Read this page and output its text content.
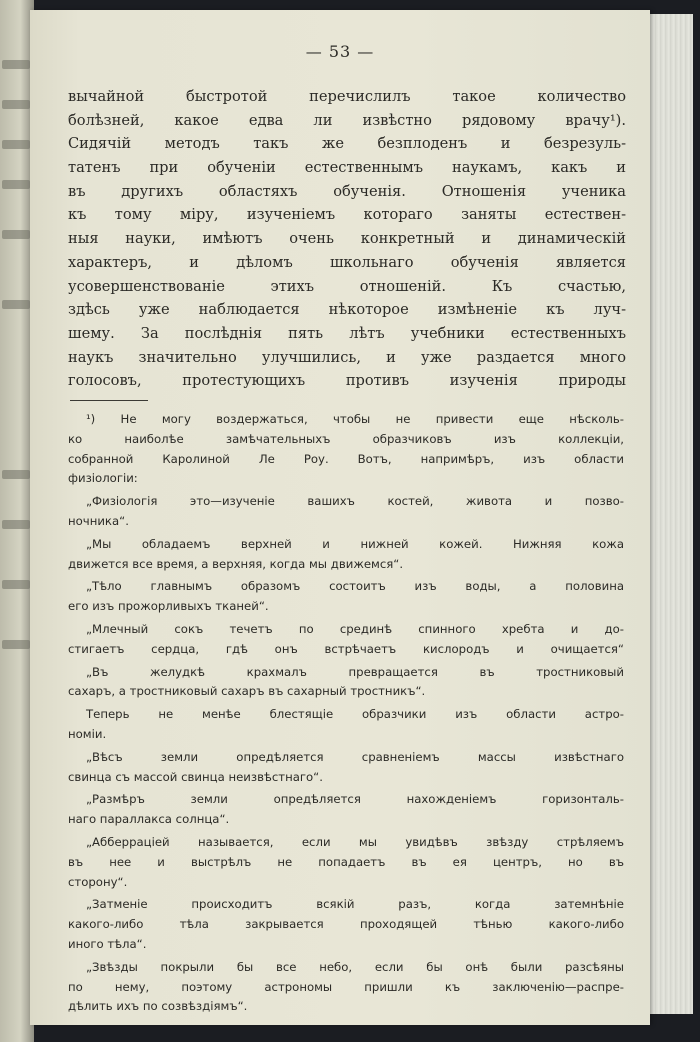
— 53 —
вычайной быстротой перечислилъ такое количество
болѣзней, какое едва ли извѣстно рядовому врачу¹).
Сидячій методъ такъ же безплоденъ и безрезуль-
татенъ при обученіи естественнымъ наукамъ, какъ и
въ другихъ областяхъ обученія. Отношенія ученика
къ тому міру, изученіемъ котораго заняты естествен-
ныя науки, имѣютъ очень конкретный и динамическій
характеръ, и дѣломъ школьнаго обученія является
усовершенствованіе этихъ отношеній. Къ счастью,
здѣсь уже наблюдается нѣкоторое измѣненіе къ луч-
шему. За послѣднія пять лѣтъ учебники естественныхъ
наукъ значительно улучшились, и уже раздается много
голосовъ, протестующихъ противъ изученія природы
¹) Не могу воздержаться, чтобы не привести еще нѣсколь-
ко наиболѣе замѣчательныхъ образчиковъ изъ коллекціи,
собранной Каролиной Ле Роу. Вотъ, напримѣръ, изъ области
физіологіи:
„Физіологія это—изученіе вашихъ костей, живота и позво-
ночника“.
„Мы обладаемъ верхней и нижней кожей. Нижняя кожа
движется все время, а верхняя, когда мы движемся“.
„Тѣло главнымъ образомъ состоитъ изъ воды, а половина
его изъ прожорливыхъ тканей“.
„Млечный сокъ течетъ по срединѣ спинного хребта и до-
стигаетъ сердца, гдѣ онъ встрѣчаетъ кислородъ и очищается“
„Въ желудкѣ крахмалъ превращается въ тростниковый
сахаръ, а тростниковый сахаръ въ сахарный тростникъ“.
Теперь не менѣе блестящіе образчики изъ области астро-
номіи.
„Вѣсъ земли опредѣляется сравненіемъ массы извѣстнаго
свинца съ массой свинца неизвѣстнаго“.
„Размѣръ земли опредѣляется нахожденіемъ горизонталь-
наго параллакса солнца“.
„Абберраціей называется, если мы увидѣвъ звѣзду стрѣляемъ
въ нее и выстрѣлъ не попадаетъ въ ея центръ, но въ
сторону“.
„Затменіе происходитъ всякій разъ, когда затемнѣніе
какого-либо тѣла закрывается проходящей тѣнью какого-либо
иного тѣла“.
„Звѣзды покрыли бы все небо, если бы онѣ были разсѣяны
по нему, поэтому астрономы пришли къ заключенію—распре-
дѣлить ихъ по созвѣздіямъ“.
